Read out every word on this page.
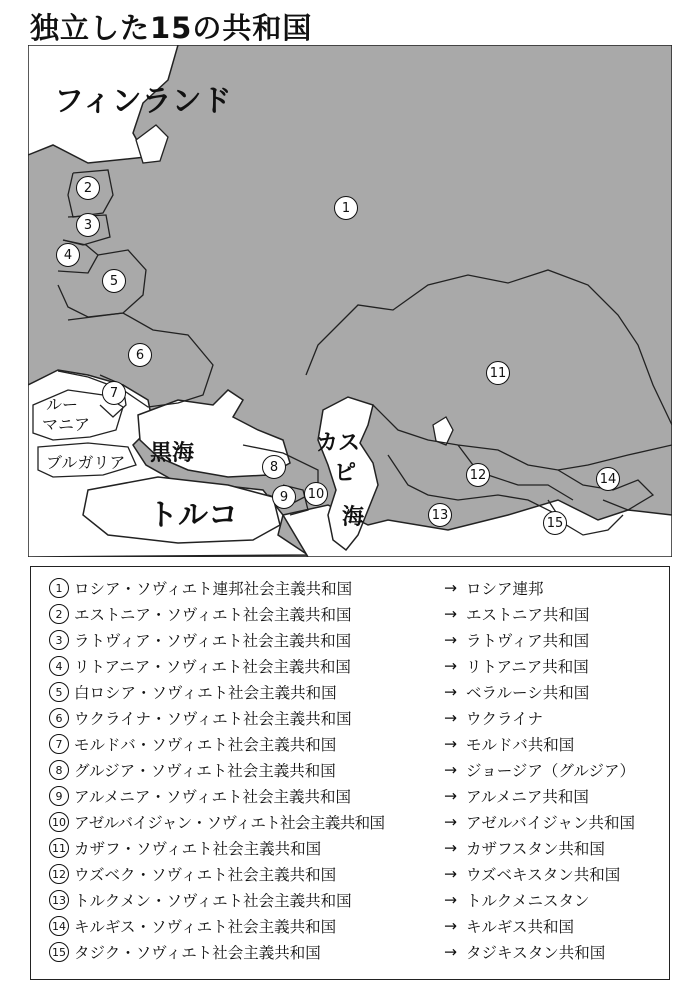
独立した15の共和国
フィンランド
ルー
マニア
ブルガリア 黒海
トルコ
カス
ピ
海
1
2
3
4
5
6
7
8
9	10
11
12
13
14
15
1 ロシア・ソヴィエト連邦社会主義共和国	→ ロシア連邦
2 エストニア・ソヴィエト社会主義共和国	→ エストニア共和国
3 ラトヴィア・ソヴィエト社会主義共和国	→ ラトヴィア共和国
4 リトアニア・ソヴィエト社会主義共和国	→ リトアニア共和国
5 白ロシア・ソヴィエト社会主義共和国	→ ベラルーシ共和国
6 ウクライナ・ソヴィエト社会主義共和国	→ ウクライナ
7 モルドバ・ソヴィエト社会主義共和国	→ モルドバ共和国
8 グルジア・ソヴィエト社会主義共和国	→ ジョージア（グルジア）
9 アルメニア・ソヴィエト社会主義共和国	→ アルメニア共和国
10 アゼルバイジャン・ソヴィエト社会主義共和国	→ アゼルバイジャン共和国
11 カザフ・ソヴィエト社会主義共和国	→ カザフスタン共和国
12 ウズベク・ソヴィエト社会主義共和国	→ ウズベキスタン共和国
13 トルクメン・ソヴィエト社会主義共和国	→ トルクメニスタン
14 キルギス・ソヴィエト社会主義共和国	→ キルギス共和国
15 タジク・ソヴィエト社会主義共和国	→ タジキスタン共和国
